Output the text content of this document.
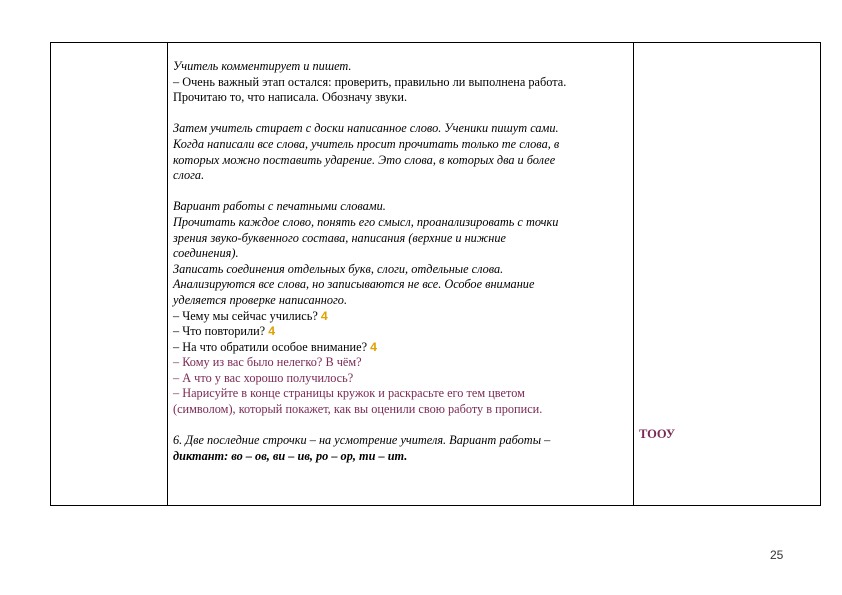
Учитель комментирует и пишет.

– Очень важный этап остался: проверить, правильно ли выполнена работа.

Прочитаю то, что написала. Обозначу звуки.

Затем учитель стирает с доски написанное слово. Ученики пишут сами.

Когда написали все слова, учитель просит прочитать только те слова, в

которых можно поставить ударение. Это слова, в которых два и более

слога.

Вариант работы с печатными словами.

Прочитать каждое слово, понять его смысл, проанализировать с точки

зрения звуко-буквенного состава, написания (верхние и нижние

соединения).

Записать соединения отдельных букв, слоги, отдельные слова.

Анализируются все слова, но записываются не все. Особое внимание

уделяется проверке написанного.

– Чему мы сейчас учились? 4

– Что повторили? 4

– На что обратили особое внимание? 4

– Кому из вас было нелегко? В чём?

– А что у вас хорошо получилось?

– Нарисуйте в конце страницы кружок и раскрасьте его тем цветом

(символом), который покажет, как вы оценили свою работу в прописи.

6. Две последние строчки – на усмотрение учителя. Вариант работы –

диктант: во – ов, ви – ив, ро – ор, ти – ит.

ТООУ
25
